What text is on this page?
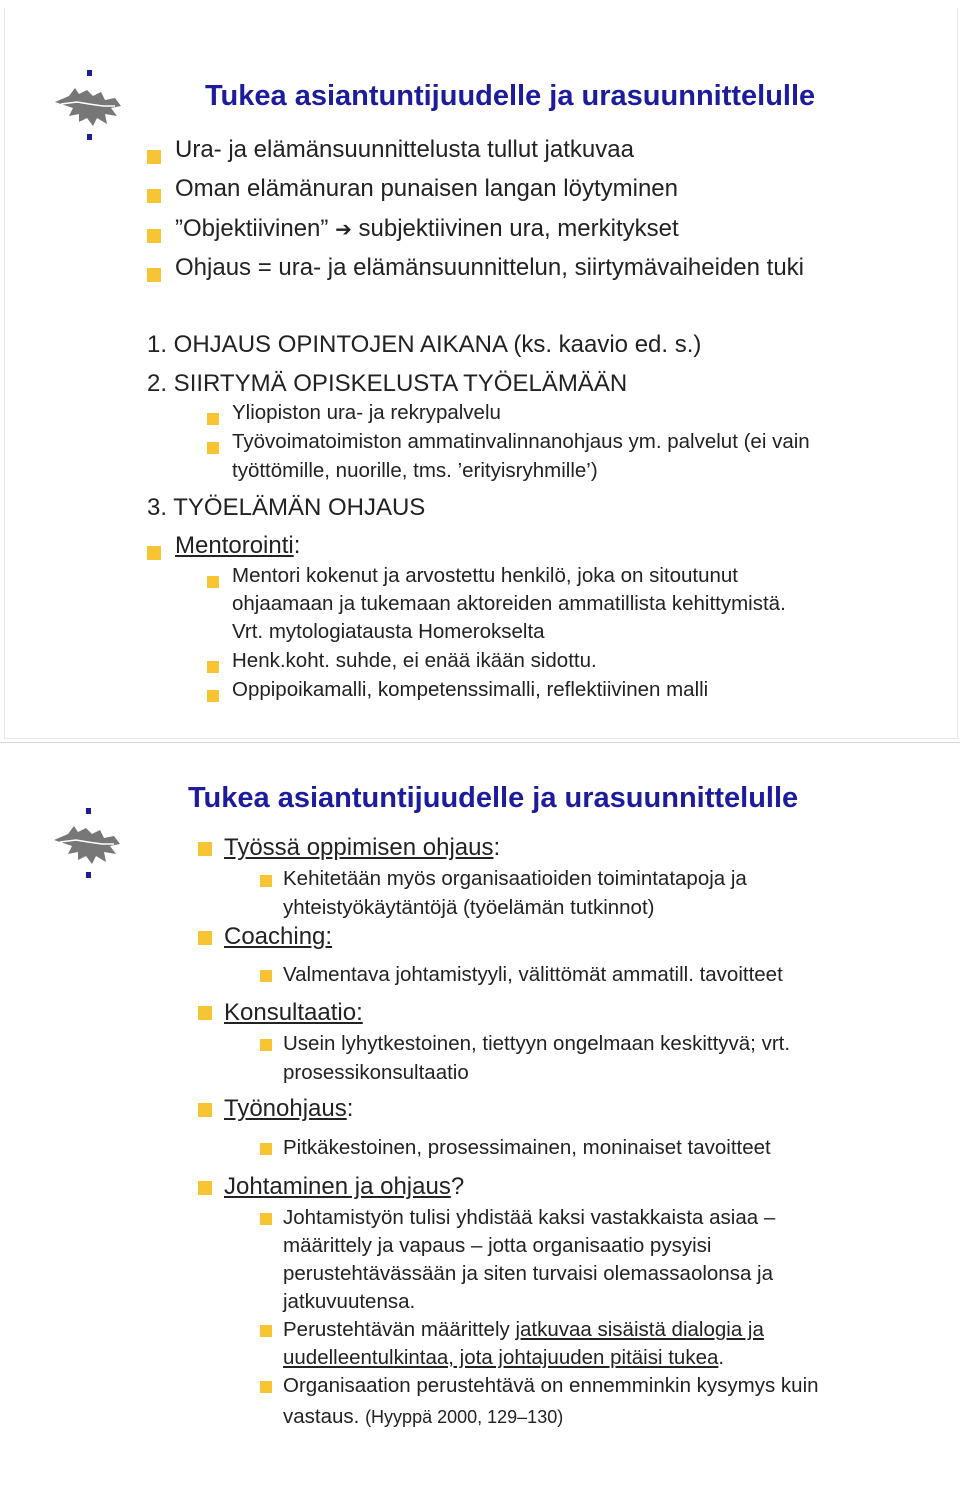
Tukea asiantuntijuudelle ja urasuunnittelulle
Ura- ja elämänsuunnittelusta tullut jatkuvaa
Oman elämänuran punaisen langan löytyminen
”Objektiivinen” ➔ subjektiivinen ura, merkitykset
Ohjaus = ura- ja elämänsuunnittelun, siirtymävaiheiden tuki
1. OHJAUS OPINTOJEN AIKANA (ks. kaavio ed. s.)
2. SIIRTYMÄ OPISKELUSTA TYÖELÄMÄÄN
Yliopiston ura- ja rekrypalvelu
Työvoimatoimiston ammatinvalinnanohjaus ym. palvelut (ei vain
työttömille, nuorille, tms. ’erityisryhmille’)
3. TYÖELÄMÄN OHJAUS
Mentorointi:
Mentori kokenut ja arvostettu henkilö, joka on sitoutunut
ohjaamaan ja tukemaan aktoreiden ammatillista kehittymistä.
Vrt. mytologiatausta Homerokselta
Henk.koht. suhde, ei enää ikään sidottu.
Oppipoikamalli, kompetenssimalli, reflektiivinen malli
Tukea asiantuntijuudelle ja urasuunnittelulle
Työssä oppimisen ohjaus:
Kehitetään myös organisaatioiden toimintatapoja ja
yhteistyökäytäntöjä (työelämän tutkinnot)
Coaching:
Valmentava johtamistyyli, välittömät ammatill. tavoitteet
Konsultaatio:
Usein lyhytkestoinen, tiettyyn ongelmaan keskittyvä; vrt.
prosessikonsultaatio
Työnohjaus:
Pitkäkestoinen, prosessimainen, moninaiset tavoitteet
Johtaminen ja ohjaus?
Johtamistyön tulisi yhdistää kaksi vastakkaista asiaa –
määrittely ja vapaus – jotta organisaatio pysyisi
perustehtävässään ja siten turvaisi olemassaolonsa ja
jatkuvuutensa.
Perustehtävän määrittely jatkuvaa sisäistä dialogia ja
uudelleentulkintaa, jota johtajuuden pitäisi tukea.
Organisaation perustehtävä on ennemminkin kysymys kuin
vastaus. (Hyyppä 2000, 129–130)
